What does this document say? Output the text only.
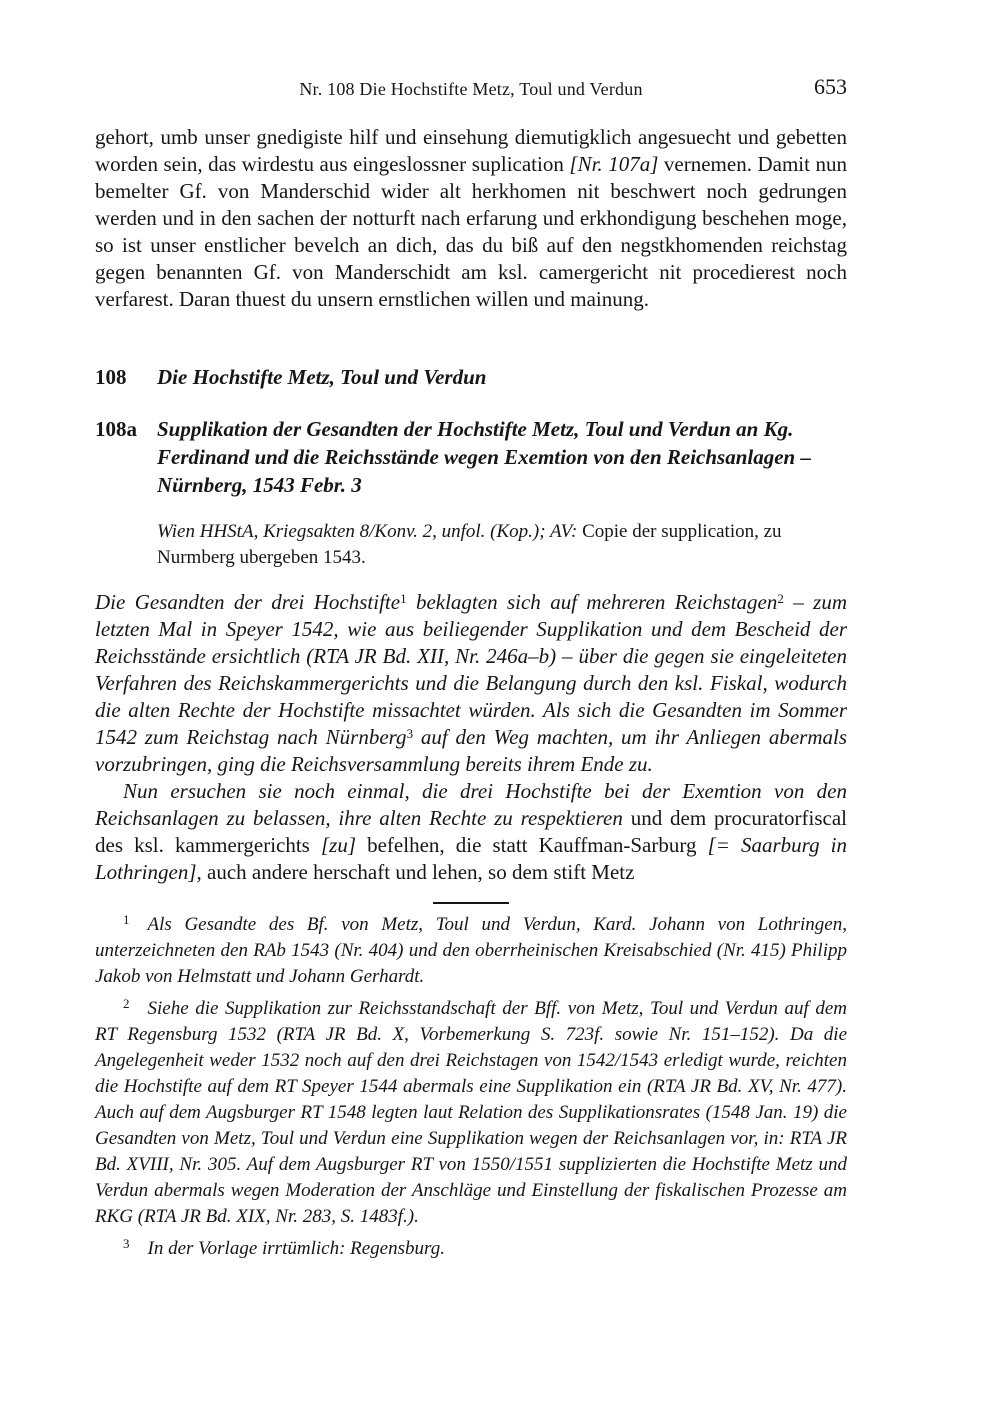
Nr. 108 Die Hochstifte Metz, Toul und Verdun	653

gehort, umb unser gnedigiste hilf und einsehung diemutigklich angesuecht und gebetten worden sein, das wirdestu aus eingeslossner suplication [Nr. 107a] vernemen. Damit nun bemelter Gf. von Manderschid wider alt herkhomen nit beschwert noch gedrungen werden und in den sachen der notturft nach erfarung und erkhondigung beschehen moge, so ist unser enstlicher bevelch an dich, das du biß auf den negstkhomenden reichstag gegen benannten Gf. von Manderschidt am ksl. camergericht nit procedierest noch verfarest. Daran thuest du unsern ernstlichen willen und mainung.

108	Die Hochstifte Metz, Toul und Verdun
108a Supplikation der Gesandten der Hochstifte Metz, Toul und Verdun an Kg. Ferdinand und die Reichsstände wegen Exemtion von den Reichsanlagen – Nürnberg, 1543 Febr. 3

Wien HHStA, Kriegsakten 8/Konv. 2, unfol. (Kop.); AV: Copie der supplication, zu Nurmberg ubergeben 1543.

Die Gesandten der drei Hochstifte$^1$ beklagten sich auf mehreren Reichstagen$^2$ – zum letzten Mal in Speyer 1542, wie aus beiliegender Supplikation und dem Bescheid der Reichsstände ersichtlich (RTA JR Bd. XII, Nr. 246a–b) – über die gegen sie eingeleiteten Verfahren des Reichskammergerichts und die Belangung durch den ksl. Fiskal, wodurch die alten Rechte der Hochstifte missachtet würden. Als sich die Gesandten im Sommer 1542 zum Reichstag nach Nürnberg$^3$ auf den Weg machten, um ihr Anliegen abermals vorzubringen, ging die Reichsversammlung bereits ihrem Ende zu.

Nun ersuchen sie noch einmal, die drei Hochstifte bei der Exemtion von den Reichsanlagen zu belassen, ihre alten Rechte zu respektieren und dem procuratorfiscal des ksl. kammergerichts [zu] befelhen, die statt Kauffman-Sarburg [= Saarburg in Lothringen], auch andere herschaft und lehen, so dem stift Metz

$^1$ Als Gesandte des Bf. von Metz, Toul und Verdun, Kard. Johann von Lothringen, unterzeichneten den RAb 1543 (Nr. 404) und den oberrheinischen Kreisabschied (Nr. 415) Philipp Jakob von Helmstatt und Johann Gerhardt.

$^2$ Siehe die Supplikation zur Reichsstandschaft der Bff. von Metz, Toul und Verdun auf dem RT Regensburg 1532 (RTA JR Bd. X, Vorbemerkung S. 723f. sowie Nr. 151–152). Da die Angelegenheit weder 1532 noch auf den drei Reichstagen von 1542/1543 erledigt wurde, reichten die Hochstifte auf dem RT Speyer 1544 abermals eine Supplikation ein (RTA JR Bd. XV, Nr. 477). Auch auf dem Augsburger RT 1548 legten laut Relation des Supplikationsrates (1548 Jan. 19) die Gesandten von Metz, Toul und Verdun eine Supplikation wegen der Reichsanlagen vor, in: RTA JR Bd. XVIII, Nr. 305. Auf dem Augsburger RT von 1550/1551 supplizierten die Hochstifte Metz und Verdun abermals wegen Moderation der Anschläge und Einstellung der fiskalischen Prozesse am RKG (RTA JR Bd. XIX, Nr. 283, S. 1483f.).

$^3$ In der Vorlage irrtümlich: Regensburg.
